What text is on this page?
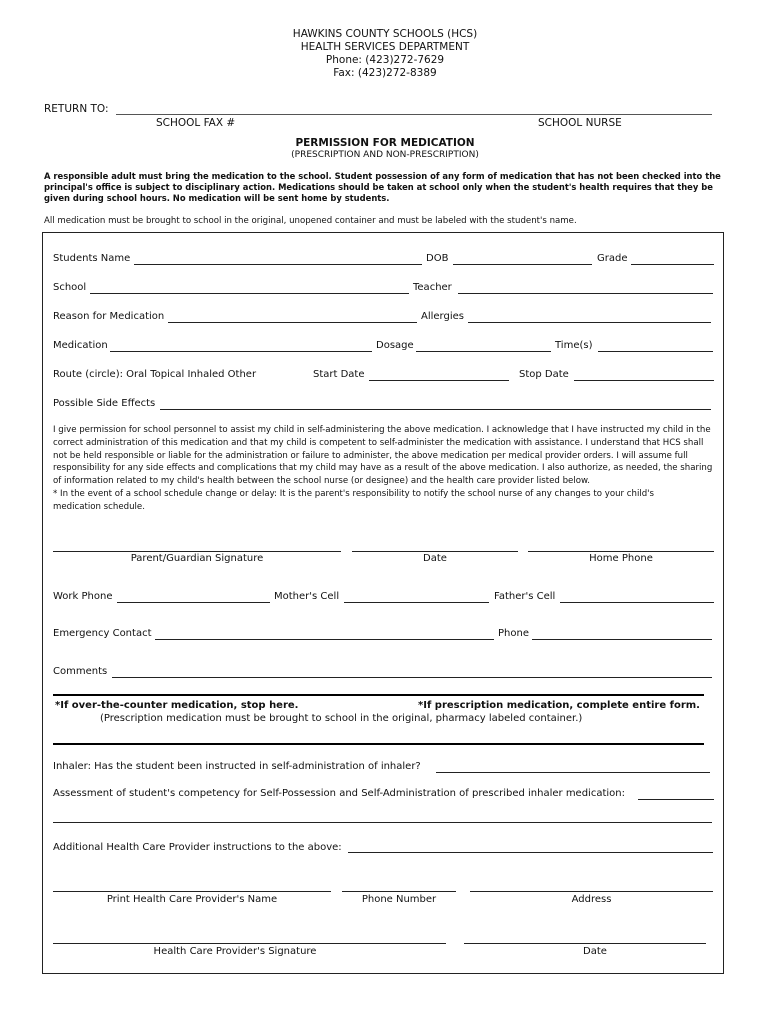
HAWKINS COUNTY SCHOOLS (HCS)
HEALTH SERVICES DEPARTMENT
Phone: (423)272-7629
Fax: (423)272-8389
RETURN TO:
SCHOOL FAX #	SCHOOL NURSE
PERMISSION FOR MEDICATION
(PRESCRIPTION AND NON-PRESCRIPTION)
A responsible adult must bring the medication to the school. Student possession of any form of medication that has not been checked into the principal's office is subject to disciplinary action. Medications should be taken at school only when the student's health requires that they be given during school hours. No medication will be sent home by students.
All medication must be brought to school in the original, unopened container and must be labeled with the student's name.
Students Name	DOB	Grade
School	Teacher
Reason for Medication	Allergies
Medication	Dosage	Time(s)
Route (circle): Oral Topical Inhaled Other	Start Date	Stop Date
Possible Side Effects
I give permission for school personnel to assist my child in self-administering the above medication. I acknowledge that I have instructed my child in the correct administration of this medication and that my child is competent to self-administer the medication with assistance. I understand that HCS shall not be held responsible or liable for the administration or failure to administer, the above medication per medical provider orders. I will assume full responsibility for any side effects and complications that my child may have as a result of the above medication. I also authorize, as needed, the sharing of information related to my child's health between the school nurse (or designee) and the health care provider listed below.
* In the event of a school schedule change or delay: It is the parent's responsibility to notify the school nurse of any changes to your child's medication schedule.
Parent/Guardian Signature	Date	Home Phone
Work Phone	Mother's Cell	Father's Cell
Emergency Contact	Phone
Comments
*If over-the-counter medication, stop here.	*If prescription medication, complete entire form.
(Prescription medication must be brought to school in the original, pharmacy labeled container.)
Inhaler: Has the student been instructed in self-administration of inhaler?
Assessment of student's competency for Self-Possession and Self-Administration of prescribed inhaler medication:
Additional Health Care Provider instructions to the above:
Print Health Care Provider's Name	Phone Number	Address
Health Care Provider's Signature	Date
